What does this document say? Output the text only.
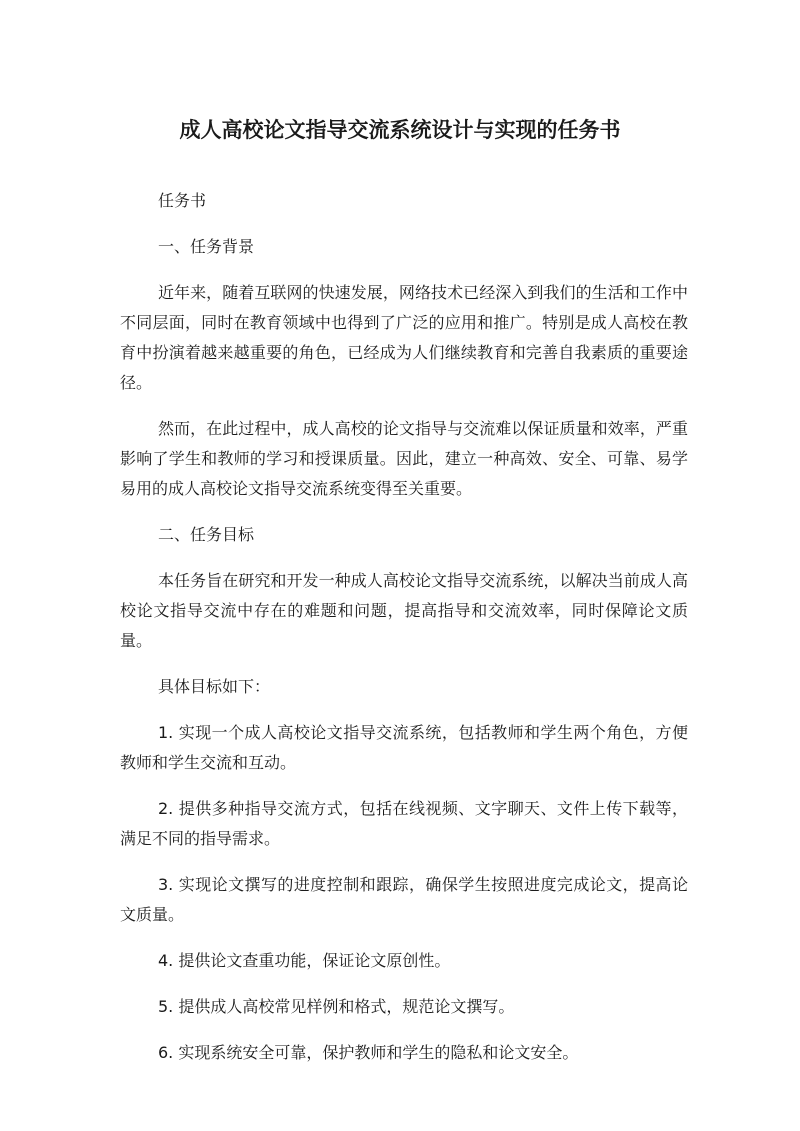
成人高校论文指导交流系统设计与实现的任务书

任务书

一、任务背景

近年来，随着互联网的快速发展，网络技术已经深入到我们的生活和工作中不同层面，同时在教育领域中也得到了广泛的应用和推广。特别是成人高校在教育中扮演着越来越重要的角色，已经成为人们继续教育和完善自我素质的重要途径。

然而，在此过程中，成人高校的论文指导与交流难以保证质量和效率，严重影响了学生和教师的学习和授课质量。因此，建立一种高效、安全、可靠、易学易用的成人高校论文指导交流系统变得至关重要。

二、任务目标

本任务旨在研究和开发一种成人高校论文指导交流系统，以解决当前成人高校论文指导交流中存在的难题和问题，提高指导和交流效率，同时保障论文质量。

具体目标如下：

1. 实现一个成人高校论文指导交流系统，包括教师和学生两个角色，方便教师和学生交流和互动。

2. 提供多种指导交流方式，包括在线视频、文字聊天、文件上传下载等，满足不同的指导需求。

3. 实现论文撰写的进度控制和跟踪，确保学生按照进度完成论文，提高论文质量。

4. 提供论文查重功能，保证论文原创性。

5. 提供成人高校常见样例和格式，规范论文撰写。

6. 实现系统安全可靠，保护教师和学生的隐私和论文安全。
